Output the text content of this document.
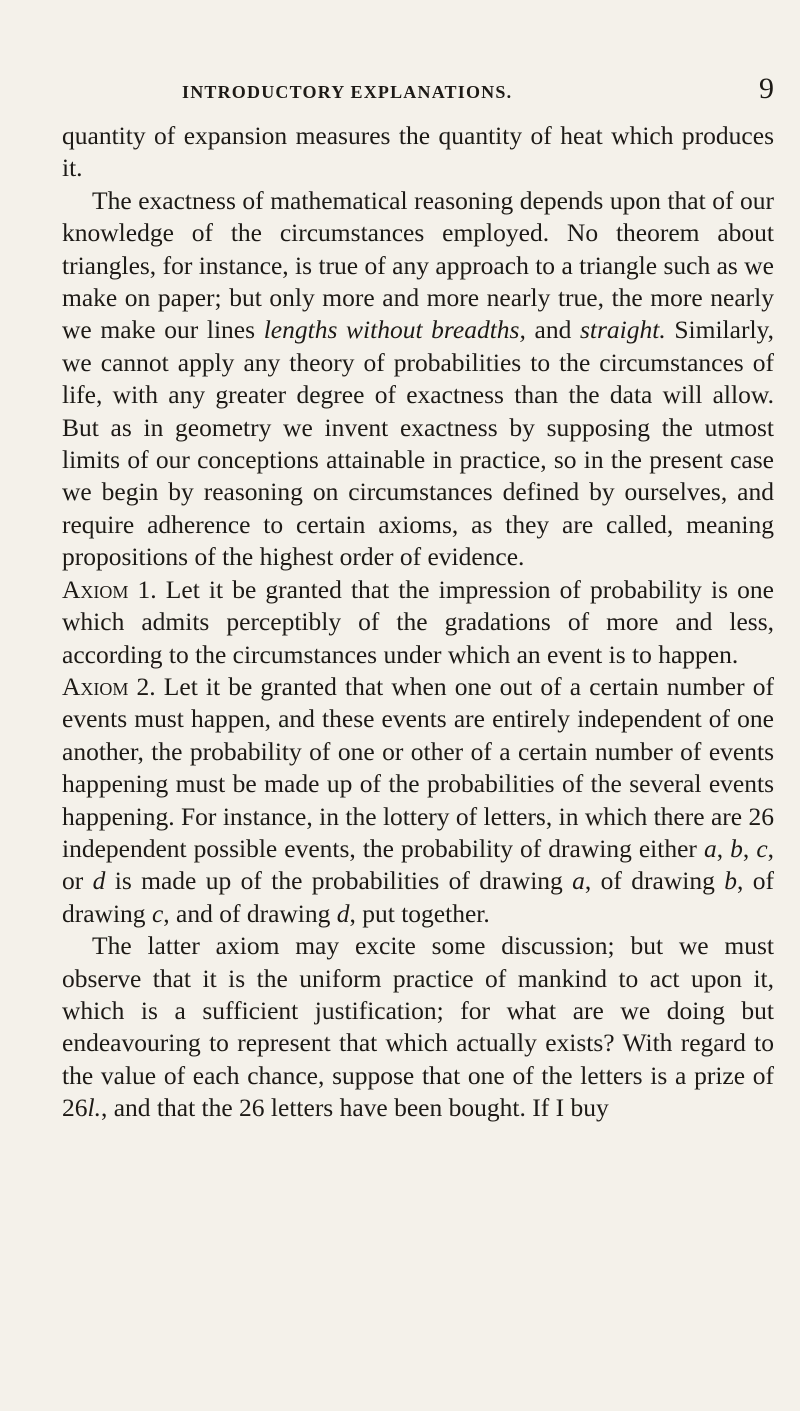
INTRODUCTORY EXPLANATIONS.	9

quantity of expansion measures the quantity of heat which produces it.

The exactness of mathematical reasoning depends upon that of our knowledge of the circumstances employed. No theorem about triangles, for instance, is true of any approach to a triangle such as we make on paper; but only more and more nearly true, the more nearly we make our lines lengths without breadths, and straight. Similarly, we cannot apply any theory of probabilities to the circumstances of life, with any greater degree of exactness than the data will allow. But as in geometry we invent exactness by supposing the utmost limits of our conceptions attainable in practice, so in the present case we begin by reasoning on circumstances defined by ourselves, and require adherence to certain axioms, as they are called, meaning propositions of the highest order of evidence.

Axiom 1. Let it be granted that the impression of probability is one which admits perceptibly of the gradations of more and less, according to the circumstances under which an event is to happen.

Axiom 2. Let it be granted that when one out of a certain number of events must happen, and these events are entirely independent of one another, the probability of one or other of a certain number of events happening must be made up of the probabilities of the several events happening. For instance, in the lottery of letters, in which there are 26 independent possible events, the probability of drawing either a, b, c, or d is made up of the probabilities of drawing a, of drawing b, of drawing c, and of drawing d, put together.

The latter axiom may excite some discussion; but we must observe that it is the uniform practice of mankind to act upon it, which is a sufficient justification; for what are we doing but endeavouring to represent that which actually exists? With regard to the value of each chance, suppose that one of the letters is a prize of 26l., and that the 26 letters have been bought. If I buy
